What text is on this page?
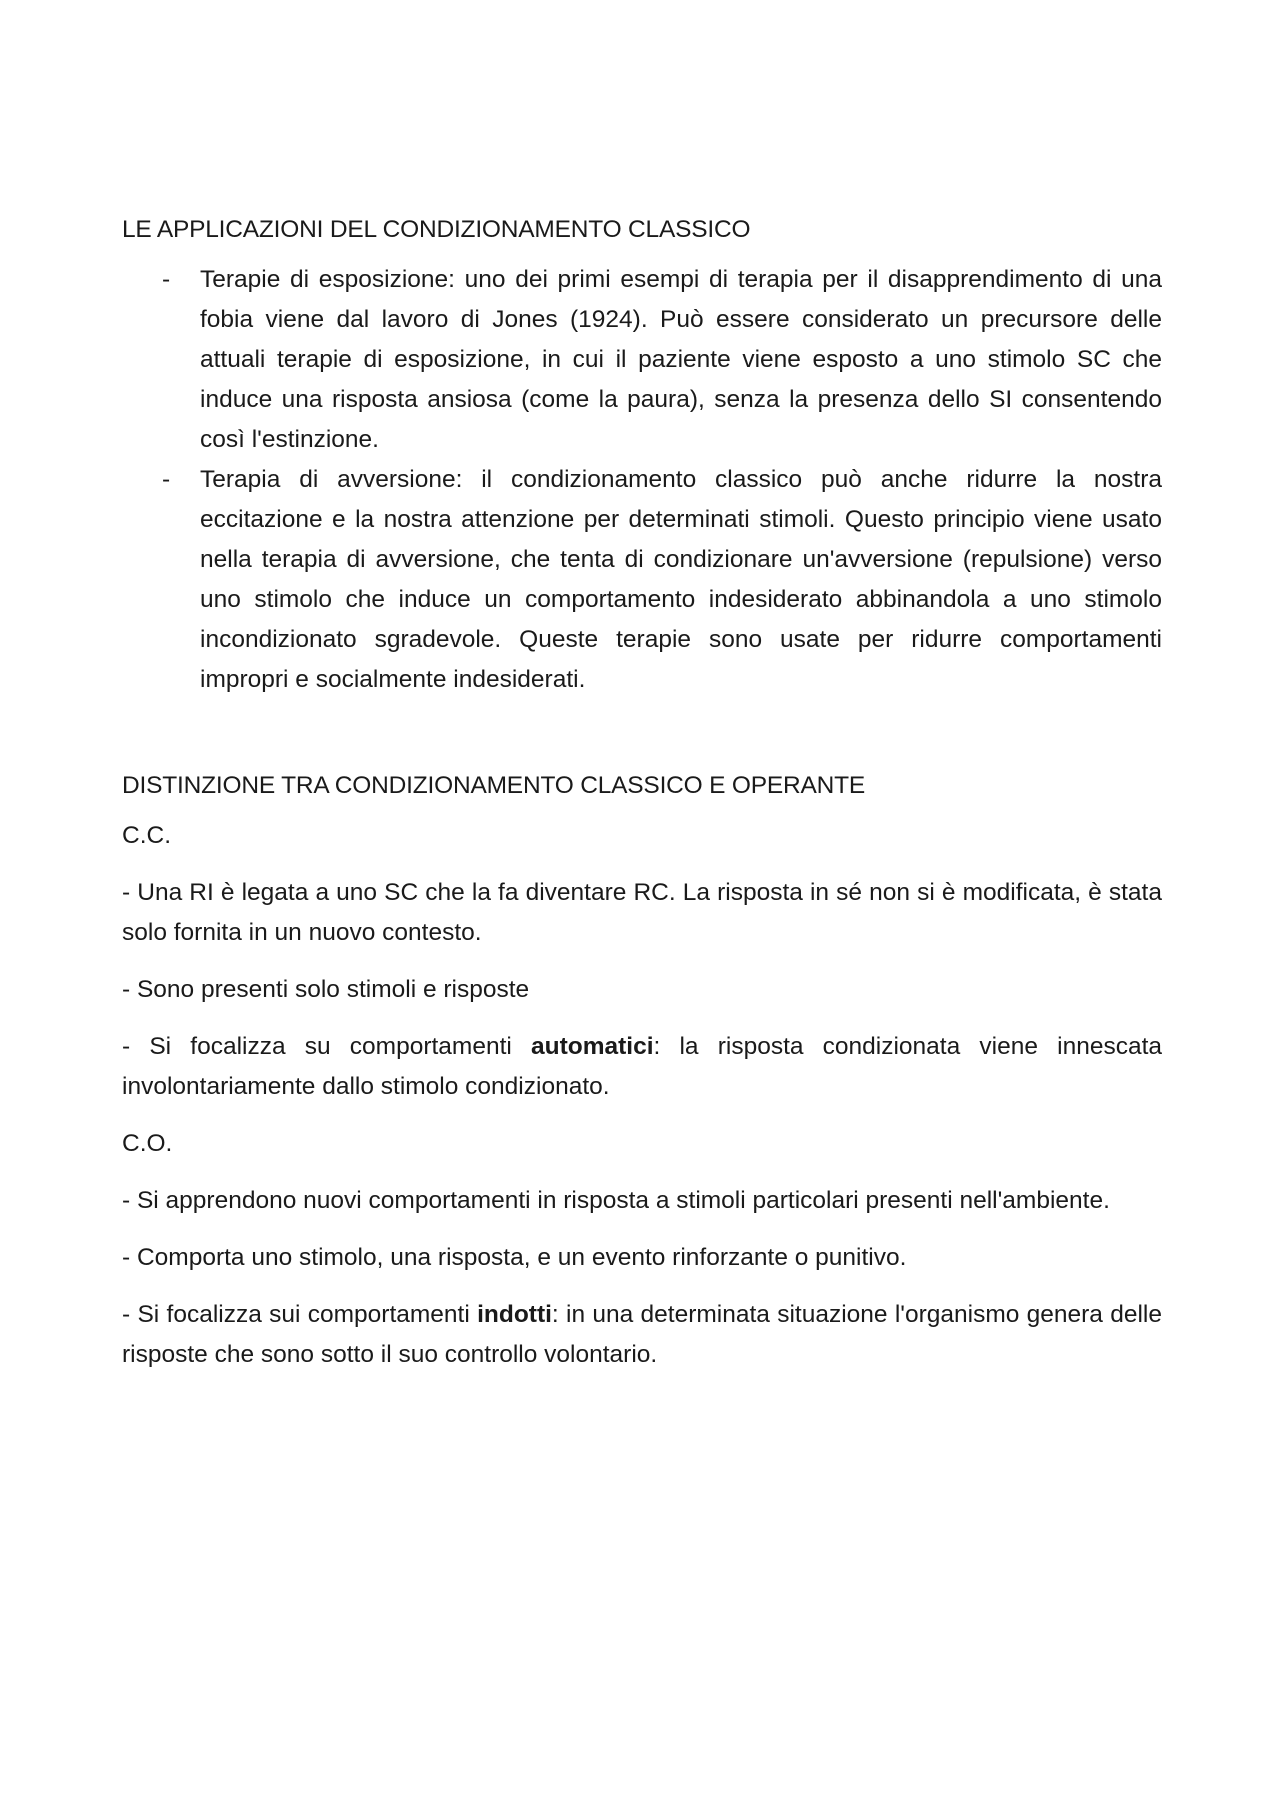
LE APPLICAZIONI DEL CONDIZIONAMENTO CLASSICO
- Terapie di esposizione: uno dei primi esempi di terapia per il disapprendimento di una fobia viene dal lavoro di Jones (1924). Può essere considerato un precursore delle attuali terapie di esposizione, in cui il paziente viene esposto a uno stimolo SC che induce una risposta ansiosa (come la paura), senza la presenza dello SI consentendo così l'estinzione.
- Terapia di avversione: il condizionamento classico può anche ridurre la nostra eccitazione e la nostra attenzione per determinati stimoli. Questo principio viene usato nella terapia di avversione, che tenta di condizionare un'avversione (repulsione) verso uno stimolo che induce un comportamento indesiderato abbinandola a uno stimolo incondizionato sgradevole. Queste terapie sono usate per ridurre comportamenti impropri e socialmente indesiderati.
DISTINZIONE TRA CONDIZIONAMENTO CLASSICO E OPERANTE

C.C.

- Una RI è legata a uno SC che la fa diventare RC. La risposta in sé non si è modificata, è stata solo fornita in un nuovo contesto.

- Sono presenti solo stimoli e risposte

- Si focalizza su comportamenti automatici: la risposta condizionata viene innescata involontariamente dallo stimolo condizionato.

C.O.

- Si apprendono nuovi comportamenti in risposta a stimoli particolari presenti nell'ambiente.

- Comporta uno stimolo, una risposta, e un evento rinforzante o punitivo.

- Si focalizza sui comportamenti indotti: in una determinata situazione l'organismo genera delle risposte che sono sotto il suo controllo volontario.
